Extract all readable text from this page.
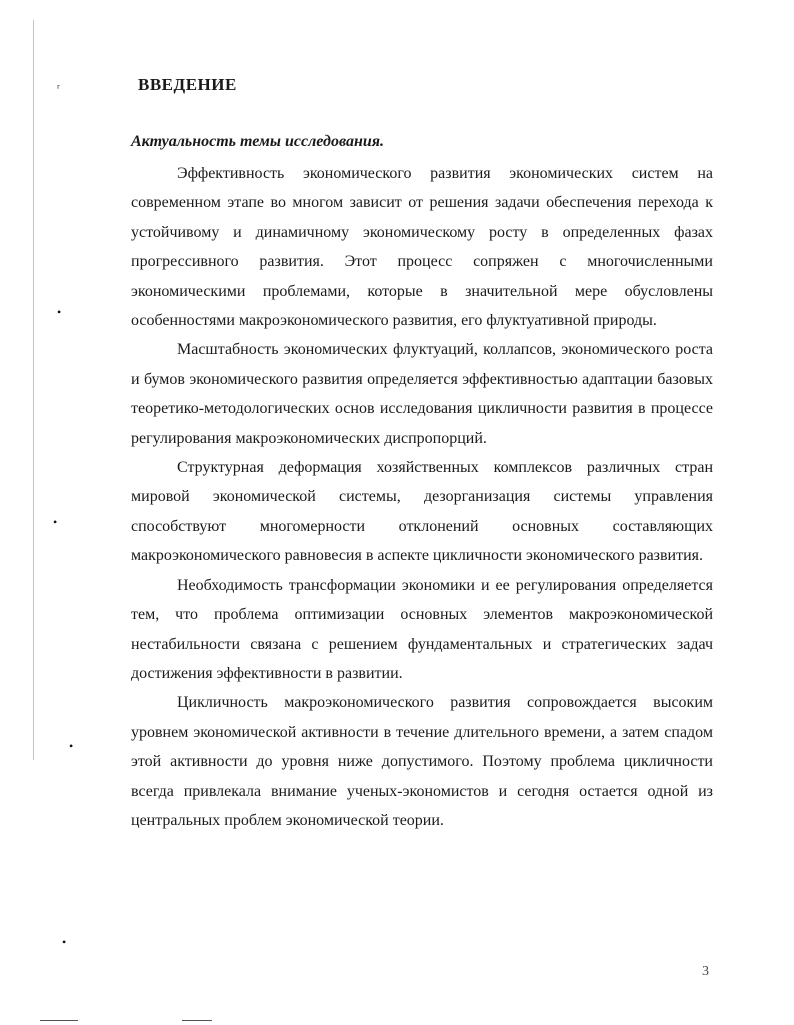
ʳ
•
•
•
•
ВВЕДЕНИЕ
Актуальность темы исследования.

Эффективность экономического развития экономических систем на современном этапе во многом зависит от решения задачи обеспечения перехода к устойчивому и динамичному экономическому росту в определенных фазах прогрессивного развития. Этот процесс сопряжен с многочисленными экономическими проблемами, которые в значительной мере обусловлены особенностями макроэкономического развития, его флуктуативной природы.

Масштабность экономических флуктуаций, коллапсов, экономического роста и бумов экономического развития определяется эффективностью адаптации базовых теоретико-методологических основ исследования цикличности развития в процессе регулирования макроэкономических диспропорций.

Структурная деформация хозяйственных комплексов различных стран мировой экономической системы, дезорганизация системы управления способствуют многомерности отклонений основных составляющих макроэкономического равновесия в аспекте цикличности экономического развития.

Необходимость трансформации экономики и ее регулирования определяется тем, что проблема оптимизации основных элементов макроэкономической нестабильности связана с решением фундаментальных и стратегических задач достижения эффективности в развитии.

Цикличность макроэкономического развития сопровождается высоким уровнем экономической активности в течение длительного времени, а затем спадом этой активности до уровня ниже допустимого. Поэтому проблема цикличности всегда привлекала внимание ученых-экономистов и сегодня остается одной из центральных проблем экономической теории.

3
